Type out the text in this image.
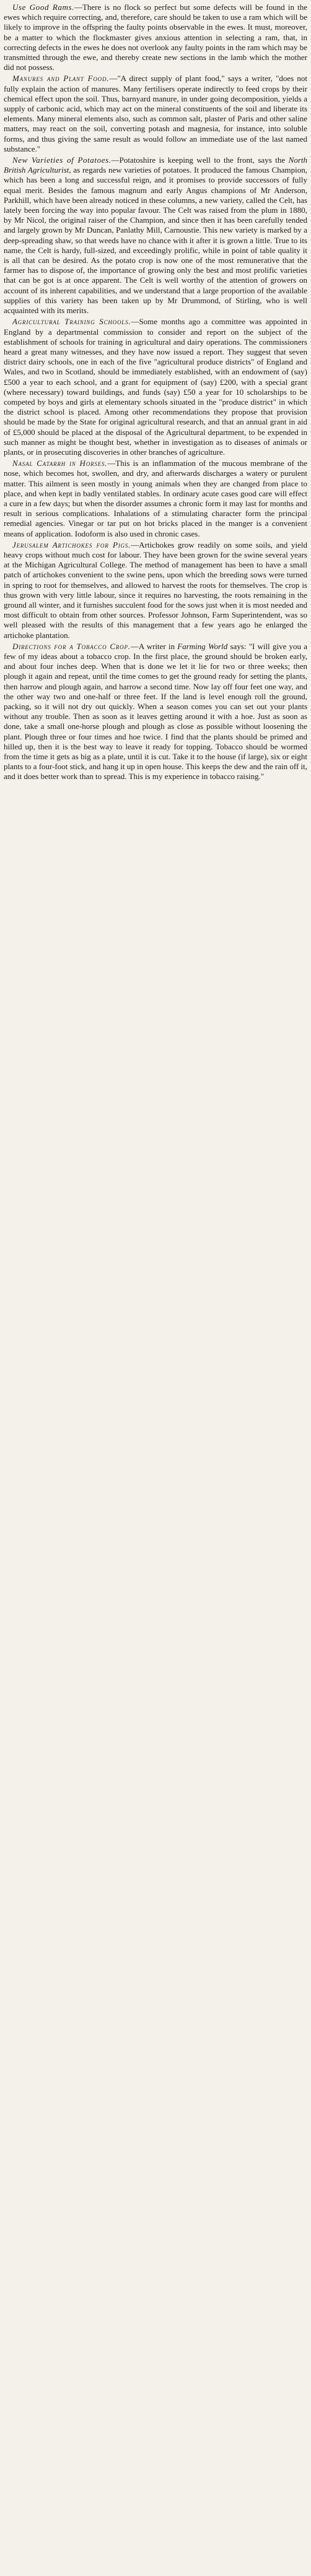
Use Good Rams.—There is no flock so perfect but some defects will be found in the ewes which require correcting, and, therefore, care should be taken to use a ram which will be likely to improve in the offspring the faulty points observable in the ewes. It must, moreover, be a matter to which the flockmaster gives anxious attention in selecting a ram, that, in correcting defects in the ewes he does not overlook any faulty points in the ram which may be transmitted through the ewe, and thereby create new sections in the lamb which the mother did not possess.

Manures and Plant Food.—"A direct supply of plant food," says a writer, "does not fully explain the action of manures. Many fertilisers operate indirectly to feed crops by their chemical effect upon the soil. Thus, barnyard manure, in under going decomposition, yields a supply of carbonic acid, which may act on the mineral constituents of the soil and liberate its elements. Many mineral elements also, such as common salt, plaster of Paris and other saline matters, may react on the soil, converting potash and magnesia, for instance, into soluble forms, and thus giving the same result as would follow an immediate use of the last named substance."

New Varieties of Potatoes.—Potatoshire is keeping well to the front, says the North British Agriculturist, as regards new varieties of potatoes. It produced the famous Champion, which has been a long and successful reign, and it promises to provide successors of fully equal merit. Besides the famous magnum and early Angus champions of Mr Anderson, Parkhill, which have been already noticed in these columns, a new variety, called the Celt, has lately been forcing the way into popular favour. The Celt was raised from the plum in 1880, by Mr Nicol, the original raiser of the Champion, and since then it has been carefully tended and largely grown by Mr Duncan, Panlathy Mill, Carnoustie. This new variety is marked by a deep-spreading shaw, so that weeds have no chance with it after it is grown a little. True to its name, the Celt is hardy, full-sized, and exceedingly prolific, while in point of table quality it is all that can be desired. As the potato crop is now one of the most remunerative that the farmer has to dispose of, the importance of growing only the best and most prolific varieties that can be got is at once apparent. The Celt is well worthy of the attention of growers on account of its inherent capabilities, and we understand that a large proportion of the available supplies of this variety has been taken up by Mr Drummond, of Stirling, who is well acquainted with its merits.

Agricultural Training Schools.—Some months ago a committee was appointed in England by a departmental commission to consider and report on the subject of the establishment of schools for training in agricultural and dairy operations. The commissioners heard a great many witnesses, and they have now issued a report. They suggest that seven district dairy schools, one in each of the five "agricultural produce districts" of England and Wales, and two in Scotland, should be immediately established, with an endowment of (say) £500 a year to each school, and a grant for equipment of (say) £200, with a special grant (where necessary) toward buildings, and funds (say) £50 a year for 10 scholarships to be competed by boys and girls at elementary schools situated in the "produce district" in which the district school is placed. Among other recommendations they propose that provision should be made by the State for original agricultural research, and that an annual grant in aid of £5,000 should be placed at the disposal of the Agricultural department, to be expended in such manner as might be thought best, whether in investigation as to diseases of animals or plants, or in prosecuting discoveries in other branches of agriculture.

Nasal Catarrh in Horses.—This is an inflammation of the mucous membrane of the nose, which becomes hot, swollen, and dry, and afterwards discharges a watery or purulent matter. This ailment is seen mostly in young animals when they are changed from place to place, and when kept in badly ventilated stables. In ordinary acute cases good care will effect a cure in a few days; but when the disorder assumes a chronic form it may last for months and result in serious complications. Inhalations of a stimulating character form the principal remedial agencies. Vinegar or tar put on hot bricks placed in the manger is a convenient means of application. Iodoform is also used in chronic cases.

Jerusalem Artichokes for Pigs.—Artichokes grow readily on some soils, and yield heavy crops without much cost for labour. They have been grown for the swine several years at the Michigan Agricultural College. The method of management has been to have a small patch of artichokes convenient to the swine pens, upon which the breeding sows were turned in spring to root for themselves, and allowed to harvest the roots for themselves. The crop is thus grown with very little labour, since it requires no harvesting, the roots remaining in the ground all winter, and it furnishes succulent food for the sows just when it is most needed and most difficult to obtain from other sources. Professor Johnson, Farm Superintendent, was so well pleased with the results of this management that a few years ago he enlarged the artichoke plantation.

Directions for a Tobacco Crop.—A writer in Farming World says: "I will give you a few of my ideas about a tobacco crop. In the first place, the ground should be broken early, and about four inches deep. When that is done we let it lie for two or three weeks; then plough it again and repeat, until the time comes to get the ground ready for setting the plants, then harrow and plough again, and harrow a second time. Now lay off four feet one way, and the other way two and one-half or three feet. If the land is level enough roll the ground, packing, so it will not dry out quickly. When a season comes you can set out your plants without any trouble. Then as soon as it leaves getting around it with a hoe. Just as soon as done, take a small one-horse plough and plough as close as possible without loosening the plant. Plough three or four times and hoe twice. I find that the plants should be primed and hilled up, then it is the best way to leave it ready for topping. Tobacco should be wormed from the time it gets as big as a plate, until it is cut. Take it to the house (if large), six or eight plants to a four-foot stick, and hang it up in open house. This keeps the dew and the rain off it, and it does better work than to spread. This is my experience in tobacco raising."
